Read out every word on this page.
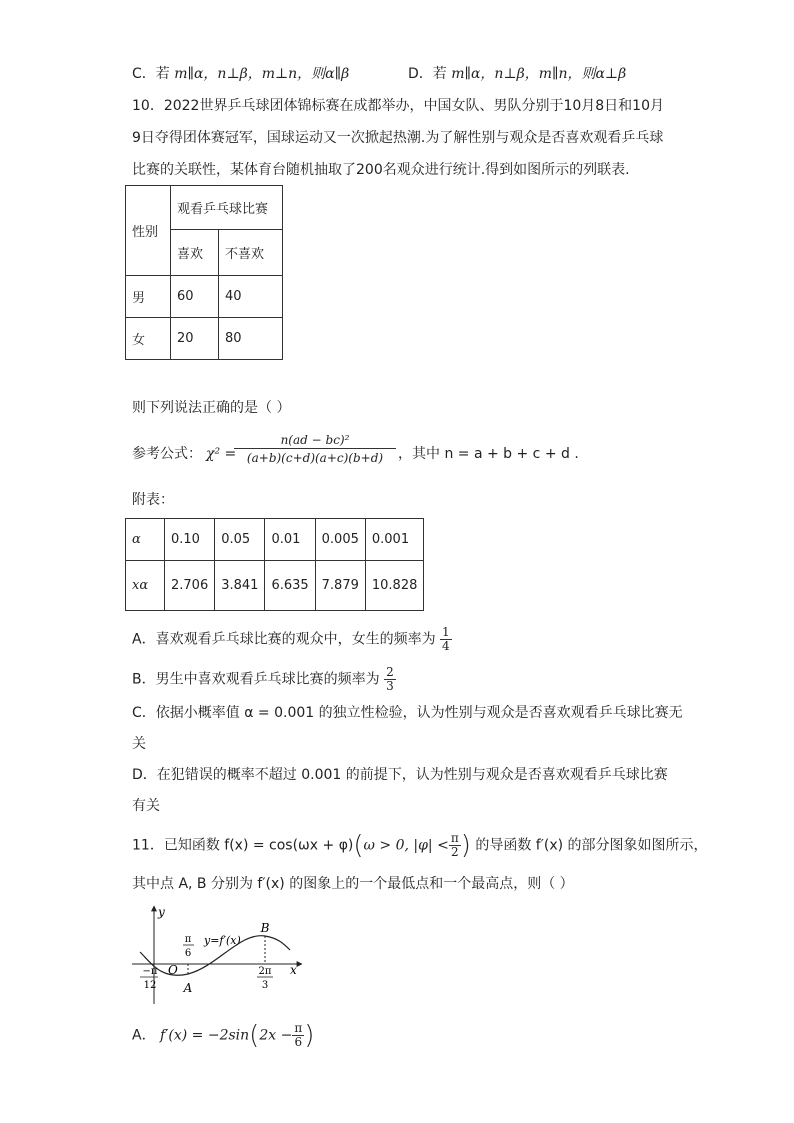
C．若 m∥α，n⊥β，m⊥n，则α∥β	D．若 m∥α，n⊥β，m∥n，则α⊥β
10．2022世界乒乓球团体锦标赛在成都举办，中国女队、男队分别于10月8日和10月
9日夺得团体赛冠军，国球运动又一次掀起热潮.为了解性别与观众是否喜欢观看乒乓球
比赛的关联性，某体育台随机抽取了200名观众进行统计.得到如图所示的列联表.
性别	观看乒乓球比赛	
	喜欢	不喜欢
男	60	40
女	20	80
则下列说法正确的是（ ）
参考公式： χ² =
$\frac{\text{n(ad − bc)²}}{(a+b)(c+d)(a+c)(b+d)}$ ，其中 n = a + b + c + d .
附表：
α	0.10	0.05	0.01	0.005	0.001
xα	2.706	3.841	6.635	7.879	10.828
A．喜欢观看乒乓球比赛的观众中，女生的频率为 $\frac{1}{4}$
B．男生中喜欢观看乒乓球比赛的频率为 $\frac{2}{3}$
C．依据小概率值 α = 0.001 的独立性检验，认为性别与观众是否喜欢观看乒乓球比赛无
关
D．在犯错误的概率不超过 0.001 的前提下，认为性别与观众是否喜欢观看乒乓球比赛
有关
11．已知函数 f(x) = cos(ωx + φ)(ω > 0, $|\varphi| < \frac{\pi}{2}$ ) 的导函数 f′(x) 的部分图象如图所示，
其中点 A, B 分别为 f′(x) 的图象上的一个最低点和一个最高点，则（ ）
y
x
O
y=f′(x)
π
6
−π
12
2π
3
A
B
A． $f'(x) = -2\sin(2x - \frac{\pi}{6}$ )
